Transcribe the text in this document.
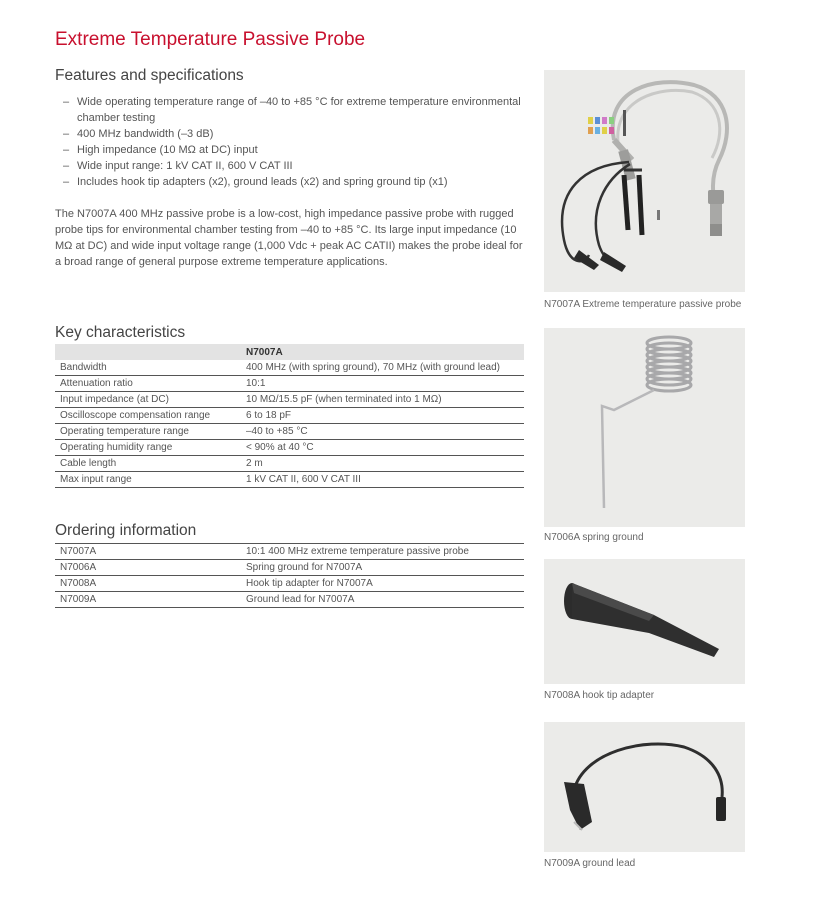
Extreme Temperature Passive Probe
Features and specifications
– Wide operating temperature range of –40 to +85 °C for extreme temperature environmental chamber testing
– 400 MHz bandwidth (–3 dB)
– High impedance (10 MΩ at DC) input
– Wide input range: 1 kV CAT II, 600 V CAT III
– Includes hook tip adapters (x2), ground leads (x2) and spring ground tip (x1)

The N7007A 400 MHz passive probe is a low-cost, high impedance passive probe with rugged probe tips for environmental chamber testing from –40 to +85 °C. Its large input impedance (10 MΩ at DC) and wide input voltage range (1,000 Vdc + peak AC CATII) makes the probe ideal for a broad range of general purpose extreme temperature applications.

Key characteristics
	N7007A
Bandwidth	400 MHz (with spring ground), 70 MHz (with ground lead)
Attenuation ratio	10:1
Input impedance (at DC)	10 MΩ/15.5 pF (when terminated into 1 MΩ)
Oscilloscope compensation range	6 to 18 pF
Operating temperature range	–40 to +85 °C
Operating humidity range	< 90% at 40 °C
Cable length	2 m
Max input range	1 kV CAT II, 600 V CAT III
Ordering information
N7007A	10:1 400 MHz extreme temperature passive probe
N7006A	Spring ground for N7007A
N7008A	Hook tip adapter for N7007A
N7009A	Ground lead for N7007A
N7007A Extreme temperature passive probe
N7006A spring ground
N7008A hook tip adapter
N7009A ground lead
